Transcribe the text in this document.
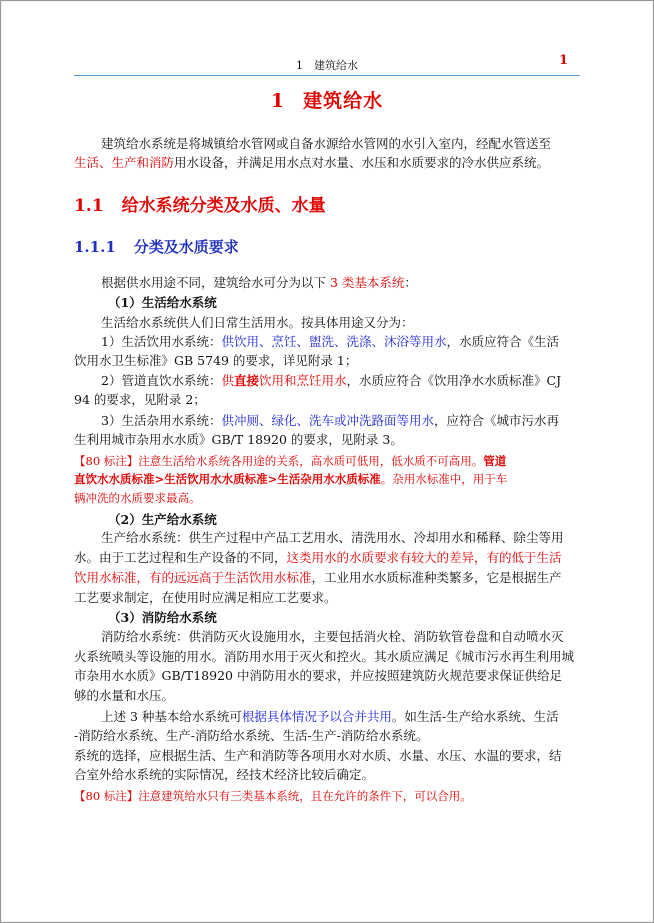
1　建筑给水	1
1 建筑给水
建筑给水系统是将城镇给水管网或自备水源给水管网的水引入室内，经配水管送至
生活、生产和消防用水设备，并满足用水点对水量、水压和水质要求的冷水供应系统。
1.1 给水系统分类及水质、水量
1.1.1 分类及水质要求
根据供水用途不同，建筑给水可分为以下 3 类基本系统：
（1）生活给水系统
生活给水系统供人们日常生活用水。按具体用途又分为：
1）生活饮用水系统：供饮用、烹饪、盥洗、洗涤、沐浴等用水，水质应符合《生活
饮用水卫生标准》GB 5749 的要求，详见附录 1；
2）管道直饮水系统：供直接饮用和烹饪用水，水质应符合《饮用净水水质标准》CJ
94 的要求，见附录 2；
3）生活杂用水系统：供冲厕、绿化、洗车或冲洗路面等用水，应符合《城市污水再
生利用城市杂用水水质》GB/T 18920 的要求，见附录 3。
【80 标注】注意生活给水系统各用途的关系，高水质可低用，低水质不可高用。管道
直饮水水质标准>生活饮用水水质标准>生活杂用水水质标准。杂用水标准中，用于车
辆冲洗的水质要求最高。
（2）生产给水系统
生产给水系统：供生产过程中产品工艺用水、清洗用水、冷却用水和稀释、除尘等用
水。由于工艺过程和生产设备的不同，这类用水的水质要求有较大的差异，有的低于生活
饮用水标准，有的远远高于生活饮用水标准，工业用水水质标准种类繁多，它是根据生产
工艺要求制定，在使用时应满足相应工艺要求。
（3）消防给水系统
消防给水系统：供消防灭火设施用水，主要包括消火栓、消防软管卷盘和自动喷水灭
火系统喷头等设施的用水。消防用水用于灭火和控火。其水质应满足《城市污水再生利用城
市杂用水水质》GB/T18920 中消防用水的要求，并应按照建筑防火规范要求保证供给足
够的水量和水压。
上述 3 种基本给水系统可根据具体情况予以合并共用。如生活-生产给水系统、生活
-消防给水系统、生产-消防给水系统、生活-生产-消防给水系统。
系统的选择，应根据生活、生产和消防等各项用水对水质、水量、水压、水温的要求，结
合室外给水系统的实际情况，经技术经济比较后确定。
【80 标注】注意建筑给水只有三类基本系统，且在允许的条件下，可以合用。
